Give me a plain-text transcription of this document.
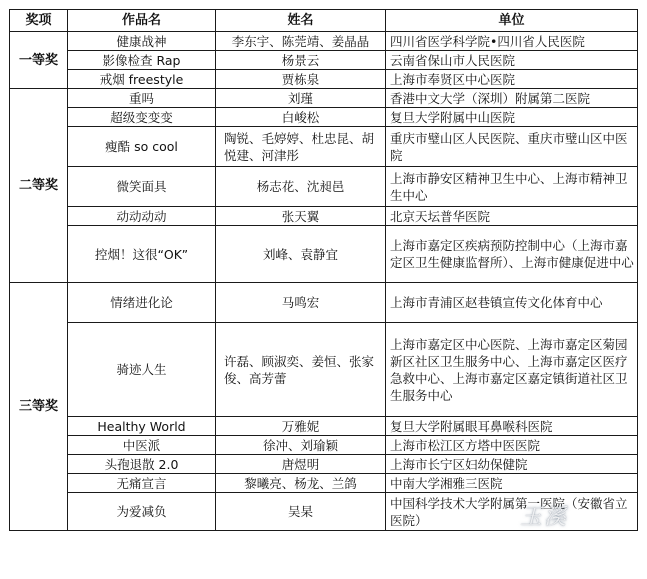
奖项	作品名	姓名	单位
一等奖	健康战神	李东宇、陈莞靖、姜晶晶	四川省医学科学院•四川省人民医院
	影像检查 Rap	杨景云	云南省保山市人民医院
	戒烟 freestyle	贾栋泉	上海市奉贤区中心医院
二等奖	重吗	刘瑾	香港中文大学（深圳）附属第二医院
	超级变变变	白峻松	复旦大学附属中山医院
	瘦酷 so cool	陶锐、毛婷婷、杜忠昆、胡悦建、河津彤	重庆市璧山区人民医院、重庆市璧山区中医院
	微笑面具	杨志花、沈昶邑	上海市静安区精神卫生中心、上海市精神卫生中心
	动动动动	张天翼	北京天坛普华医院
	控烟！这很“OK”	刘峰、袁静宜	上海市嘉定区疾病预防控制中心（上海市嘉定区卫生健康监督所）、上海市健康促进中心
三等奖	情绪进化论	马鸣宏	上海市青浦区赵巷镇宣传文化体育中心
	骑迹人生	许磊、顾淑奕、姜恒、张家俊、高芳蕾	上海市嘉定区中心医院、上海市嘉定区菊园新区社区卫生服务中心、上海市嘉定区医疗急救中心、上海市嘉定区嘉定镇街道社区卫生服务中心
	Healthy World	万雅妮	复旦大学附属眼耳鼻喉科医院
	中医派	徐冲、刘瑜颖	上海市松江区方塔中医医院
	头孢退散 2.0	唐煜明	上海市长宁区妇幼保健院
	无痛宣言	黎曦亮、杨龙、兰鸽	中南大学湘雅三医院
	为爱减负	吴杲	中国科学技术大学附属第一医院（安徽省立医院）	玉溪
